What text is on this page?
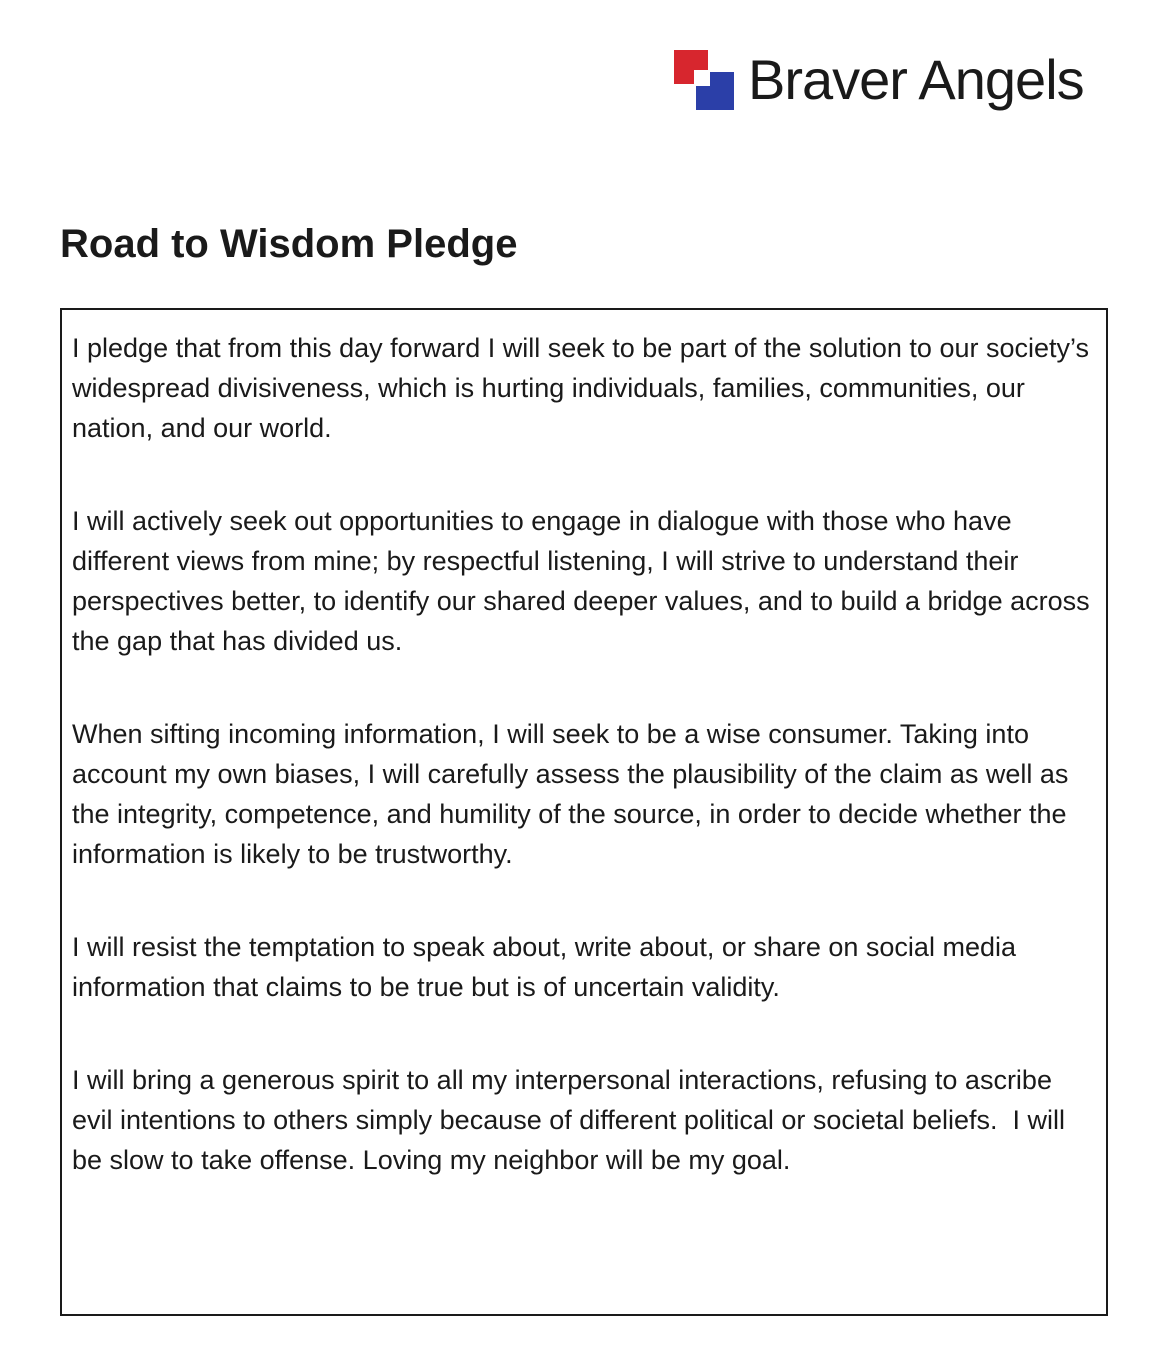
Braver Angels
Road to Wisdom Pledge

I pledge that from this day forward I will seek to be part of the solution to our society’s widespread divisiveness, which is hurting individuals, families, communities, our nation, and our world.

I will actively seek out opportunities to engage in dialogue with those who have different views from mine; by respectful listening, I will strive to understand their perspectives better, to identify our shared deeper values, and to build a bridge across the gap that has divided us.

When sifting incoming information, I will seek to be a wise consumer. Taking into account my own biases, I will carefully assess the plausibility of the claim as well as the integrity, competence, and humility of the source, in order to decide whether the information is likely to be trustworthy.

I will resist the temptation to speak about, write about, or share on social media information that claims to be true but is of uncertain validity.

I will bring a generous spirit to all my interpersonal interactions, refusing to ascribe evil intentions to others simply because of different political or societal beliefs.  I will be slow to take offense. Loving my neighbor will be my goal.
